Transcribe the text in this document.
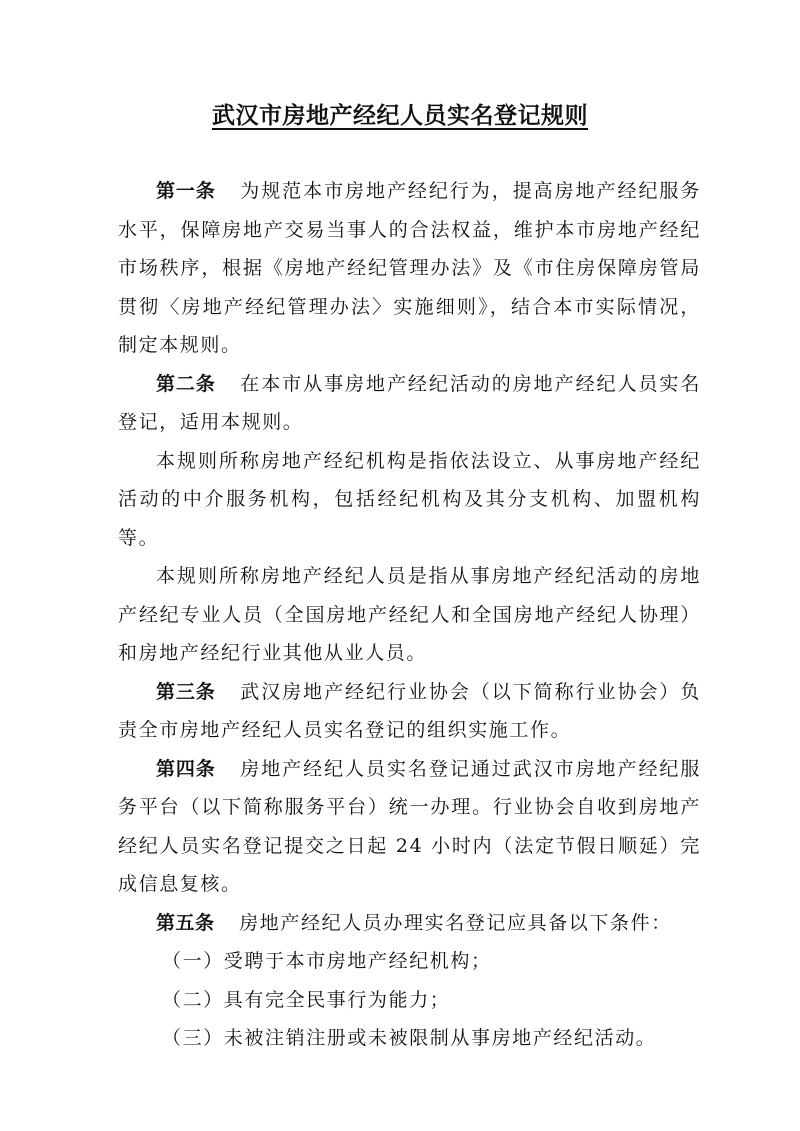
武汉市房地产经纪人员实名登记规则

第一条 为规范本市房地产经纪行为，提高房地产经纪服务水平，保障房地产交易当事人的合法权益，维护本市房地产经纪市场秩序，根据《房地产经纪管理办法》及《市住房保障房管局贯彻〈房地产经纪管理办法〉实施细则》，结合本市实际情况，制定本规则。

第二条 在本市从事房地产经纪活动的房地产经纪人员实名登记，适用本规则。

本规则所称房地产经纪机构是指依法设立、从事房地产经纪活动的中介服务机构，包括经纪机构及其分支机构、加盟机构等。

本规则所称房地产经纪人员是指从事房地产经纪活动的房地产经纪专业人员（全国房地产经纪人和全国房地产经纪人协理）和房地产经纪行业其他从业人员。

第三条 武汉房地产经纪行业协会（以下简称行业协会）负责全市房地产经纪人员实名登记的组织实施工作。

第四条 房地产经纪人员实名登记通过武汉市房地产经纪服务平台（以下简称服务平台）统一办理。行业协会自收到房地产经纪人员实名登记提交之日起 24 小时内（法定节假日顺延）完成信息复核。

第五条 房地产经纪人员办理实名登记应具备以下条件：

（一）受聘于本市房地产经纪机构；

（二）具有完全民事行为能力；

（三）未被注销注册或未被限制从事房地产经纪活动。
